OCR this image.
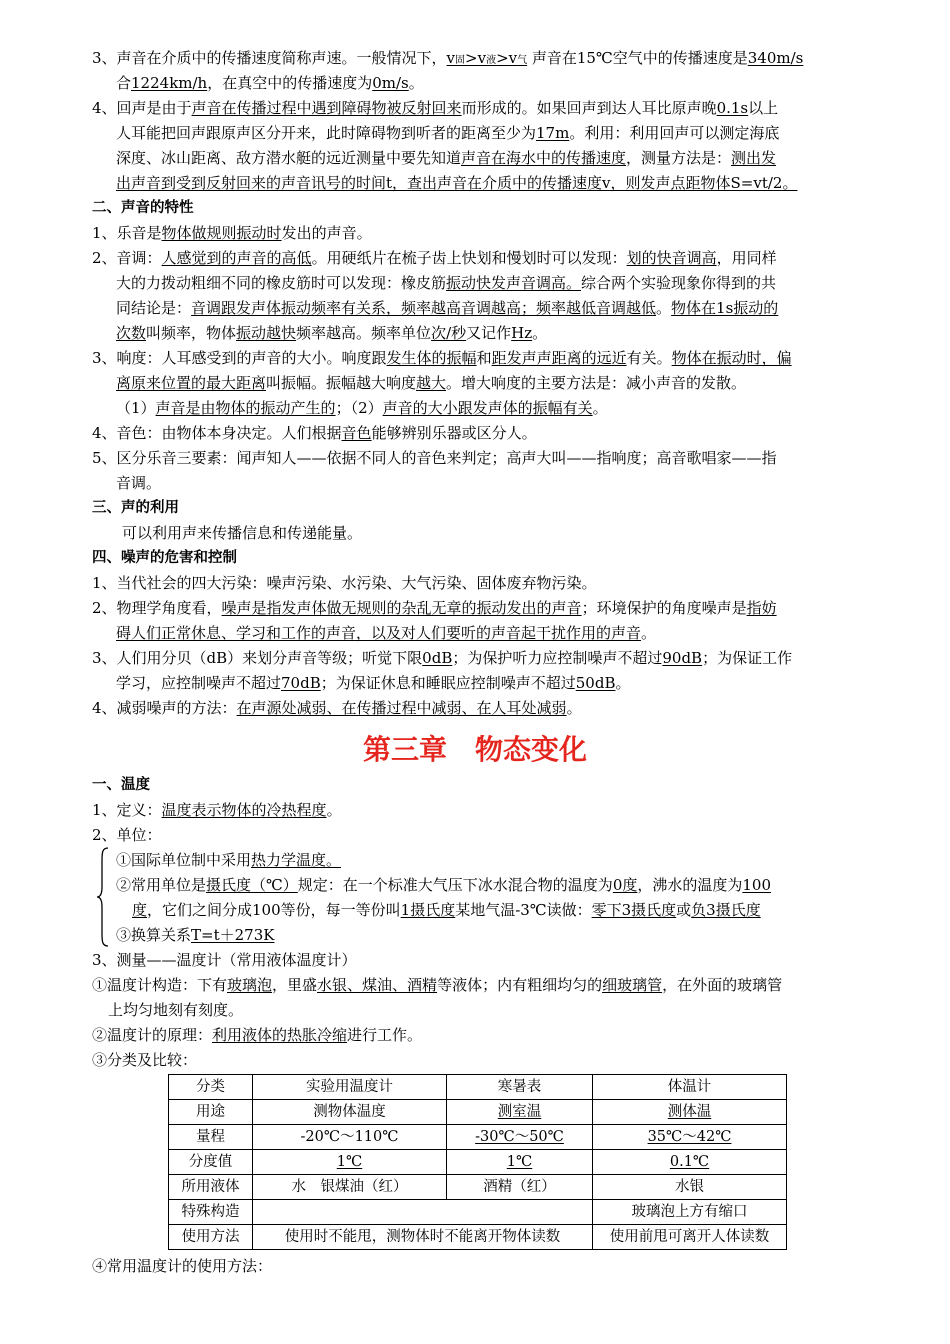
3、声音在介质中的传播速度简称声速。一般情况下，v固>v液>v气 声音在15℃空气中的传播速度是340m/s
合1224km/h，在真空中的传播速度为0m/s。
4、回声是由于声音在传播过程中遇到障碍物被反射回来而形成的。如果回声到达人耳比原声晚0.1s以上
人耳能把回声跟原声区分开来，此时障碍物到听者的距离至少为17m。利用：利用回声可以测定海底
深度、冰山距离、敌方潜水艇的远近测量中要先知道声音在海水中的传播速度，测量方法是：测出发
出声音到受到反射回来的声音讯号的时间t，查出声音在介质中的传播速度v，则发声点距物体S=vt/2。
二、声音的特性
1、乐音是物体做规则振动时发出的声音。
2、音调：人感觉到的声音的高低。用硬纸片在梳子齿上快划和慢划时可以发现：划的快音调高，用同样
大的力拨动粗细不同的橡皮筋时可以发现：橡皮筋振动快发声音调高。综合两个实验现象你得到的共
同结论是：音调跟发声体振动频率有关系，频率越高音调越高；频率越低音调越低。物体在1s振动的
次数叫频率，物体振动越快频率越高。频率单位次/秒又记作Hz。
3、响度：人耳感受到的声音的大小。响度跟发生体的振幅和距发声声距离的远近有关。物体在振动时，偏
离原来位置的最大距离叫振幅。振幅越大响度越大。增大响度的主要方法是：减小声音的发散。
（1）声音是由物体的振动产生的；（2）声音的大小跟发声体的振幅有关。
4、音色：由物体本身决定。人们根据音色能够辨别乐器或区分人。
5、区分乐音三要素：闻声知人——依据不同人的音色来判定；高声大叫——指响度；高音歌唱家——指
音调。
三、声的利用
可以利用声来传播信息和传递能量。
四、噪声的危害和控制
1、当代社会的四大污染：噪声污染、水污染、大气污染、固体废弃物污染。
2、物理学角度看，噪声是指发声体做无规则的杂乱无章的振动发出的声音；环境保护的角度噪声是指妨
碍人们正常休息、学习和工作的声音，以及对人们要听的声音起干扰作用的声音。
3、人们用分贝（dB）来划分声音等级；听觉下限0dB；为保护听力应控制噪声不超过90dB；为保证工作
学习，应控制噪声不超过70dB；为保证休息和睡眠应控制噪声不超过50dB。
4、减弱噪声的方法：在声源处减弱、在传播过程中减弱、在人耳处减弱。
第三章　物态变化
一、温度
1、定义：温度表示物体的冷热程度。
2、单位：
①国际单位制中采用热力学温度。
②常用单位是摄氏度（℃）规定：在一个标准大气压下冰水混合物的温度为0度，沸水的温度为100
度，它们之间分成100等份，每一等份叫1摄氏度某地气温-3℃读做：零下3摄氏度或负3摄氏度
③换算关系T=t＋273K
3、测量——温度计（常用液体温度计）
①温度计构造：下有玻璃泡，里盛水银、煤油、酒精等液体；内有粗细均匀的细玻璃管，在外面的玻璃管
上均匀地刻有刻度。
②温度计的原理：利用液体的热胀冷缩进行工作。
③分类及比较：
分类	实验用温度计	寒暑表	体温计
用途	测物体温度	测室温	测体温
量程	-20℃～110℃	-30℃～50℃	35℃～42℃
分度值	1℃	1℃	0.1℃
所用液体	水　银煤油（红）	酒精（红）	水银
特殊构造			玻璃泡上方有缩口
使用方法	使用时不能甩，测物体时不能离开物体读数		使用前甩可离开人体读数
④常用温度计的使用方法：
